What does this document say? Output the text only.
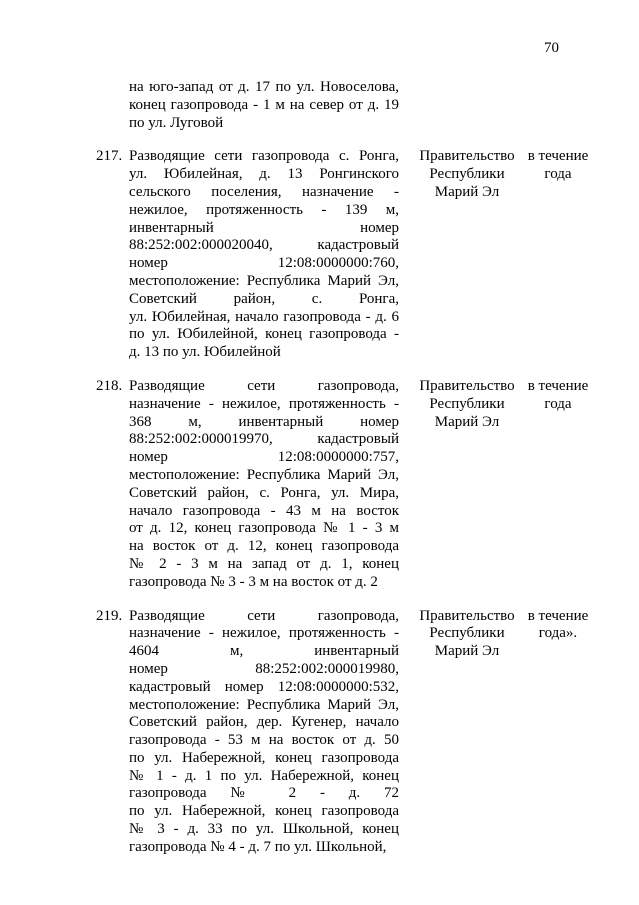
70
на юго-запад от д. 17 по ул. Новоселова,
конец газопровода - 1 м на север от д. 19
по ул. Луговой
217. Разводящие сети газопровода с. Ронга,
ул. Юбилейная, д. 13 Ронгинского
сельского поселения, назначение -
нежилое, протяженность - 139 м,
инвентарный номер
88:252:002:000020040, кадастровый
номер 12:08:0000000:760,
местоположение: Республика Марий Эл,
Советский район, с. Ронга,
ул. Юбилейная, начало газопровода - д. 6
по ул. Юбилейной, конец газопровода -
д. 13 по ул. Юбилейной
Правительство
Республики
Марий Эл
в течение
года
218. Разводящие сети газопровода,
назначение - нежилое, протяженность -
368 м, инвентарный номер
88:252:002:000019970, кадастровый
номер 12:08:0000000:757,
местоположение: Республика Марий Эл,
Советский район, с. Ронга, ул. Мира,
начало газопровода - 43 м на восток
от д. 12, конец газопровода № 1 - 3 м
на восток от д. 12, конец газопровода
№ 2 - 3 м на запад от д. 1, конец
газопровода № 3 - 3 м на восток от д. 2
Правительство
Республики
Марий Эл
в течение
года
219. Разводящие сети газопровода,
назначение - нежилое, протяженность -
4604 м, инвентарный
номер 88:252:002:000019980,
кадастровый номер 12:08:0000000:532,
местоположение: Республика Марий Эл,
Советский район, дер. Кугенер, начало
газопровода - 53 м на восток от д. 50
по ул. Набережной, конец газопровода
№ 1 - д. 1 по ул. Набережной, конец
газопровода № 2 - д. 72
по ул. Набережной, конец газопровода
№ 3 - д. 33 по ул. Школьной, конец
газопровода № 4 - д. 7 по ул. Школьной,
Правительство
Республики
Марий Эл
в течение
года».
